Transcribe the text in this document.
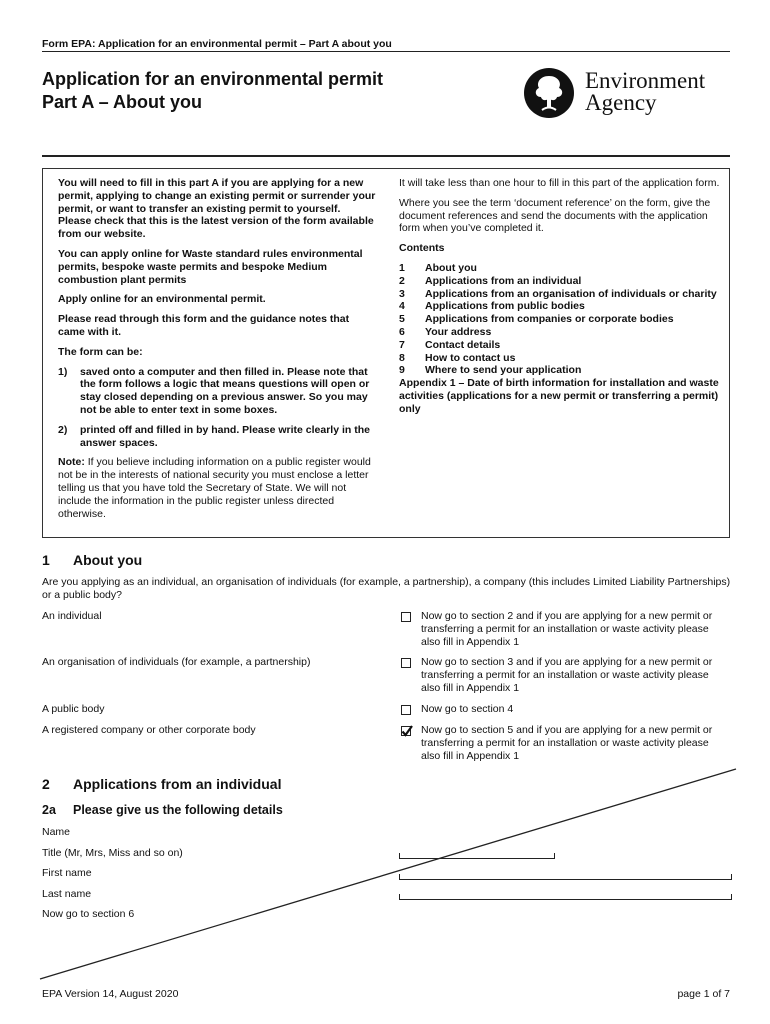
Form EPA: Application for an environmental permit – Part A about you
Application for an environmental permit
Part A – About you
Environment
Agency

You will need to fill in this part A if you are applying for a new permit, applying to change an existing permit or surrender your permit, or want to transfer an existing permit to yourself. Please check that this is the latest version of the form available from our website.

You can apply online for Waste standard rules environmental permits, bespoke waste permits and bespoke Medium combustion plant permits

Apply online for an environmental permit.

Please read through this form and the guidance notes that came with it.

The form can be:

1)	saved onto a computer and then filled in. Please note that the form follows a logic that means questions will open or stay closed depending on a previous answer. So you may not be able to enter text in some boxes.
2)	printed off and filled in by hand. Please write clearly in the answer spaces.

Note: If you believe including information on a public register would not be in the interests of national security you must enclose a letter telling us that you have told the Secretary of State. We will not include the information in the public register unless directed otherwise.

It will take less than one hour to fill in this part of the application form.

Where you see the term ‘document reference’ on the form, give the document references and send the documents with the application form when you’ve completed it.

Contents

1	About you
2	Applications from an individual
3	Applications from an organisation of individuals or charity
4	Applications from public bodies
5	Applications from companies or corporate bodies
6	Your address
7	Contact details
8	How to contact us
9	Where to send your application
Appendix 1 – Date of birth information for installation and waste activities (applications for a new permit or transferring a permit) only
1 About you
Are you applying as an individual, an organisation of individuals (for example, a partnership), a company (this includes Limited Liability Partnerships) or a public body?
An individual	Now go to section 2 and if you are applying for a new permit or transferring a permit for an installation or waste activity please also fill in Appendix 1
An organisation of individuals (for example, a partnership)	Now go to section 3 and if you are applying for a new permit or transferring a permit for an installation or waste activity please also fill in Appendix 1
A public body	Now go to section 4
A registered company or other corporate body	Now go to section 5 and if you are applying for a new permit or transferring a permit for an installation or waste activity please also fill in Appendix 1
2 Applications from an individual
2a Please give us the following details
Name
Title (Mr, Mrs, Miss and so on)
First name
Last name
Now go to section 6
EPA Version 14, August 2020	page 1 of 7
